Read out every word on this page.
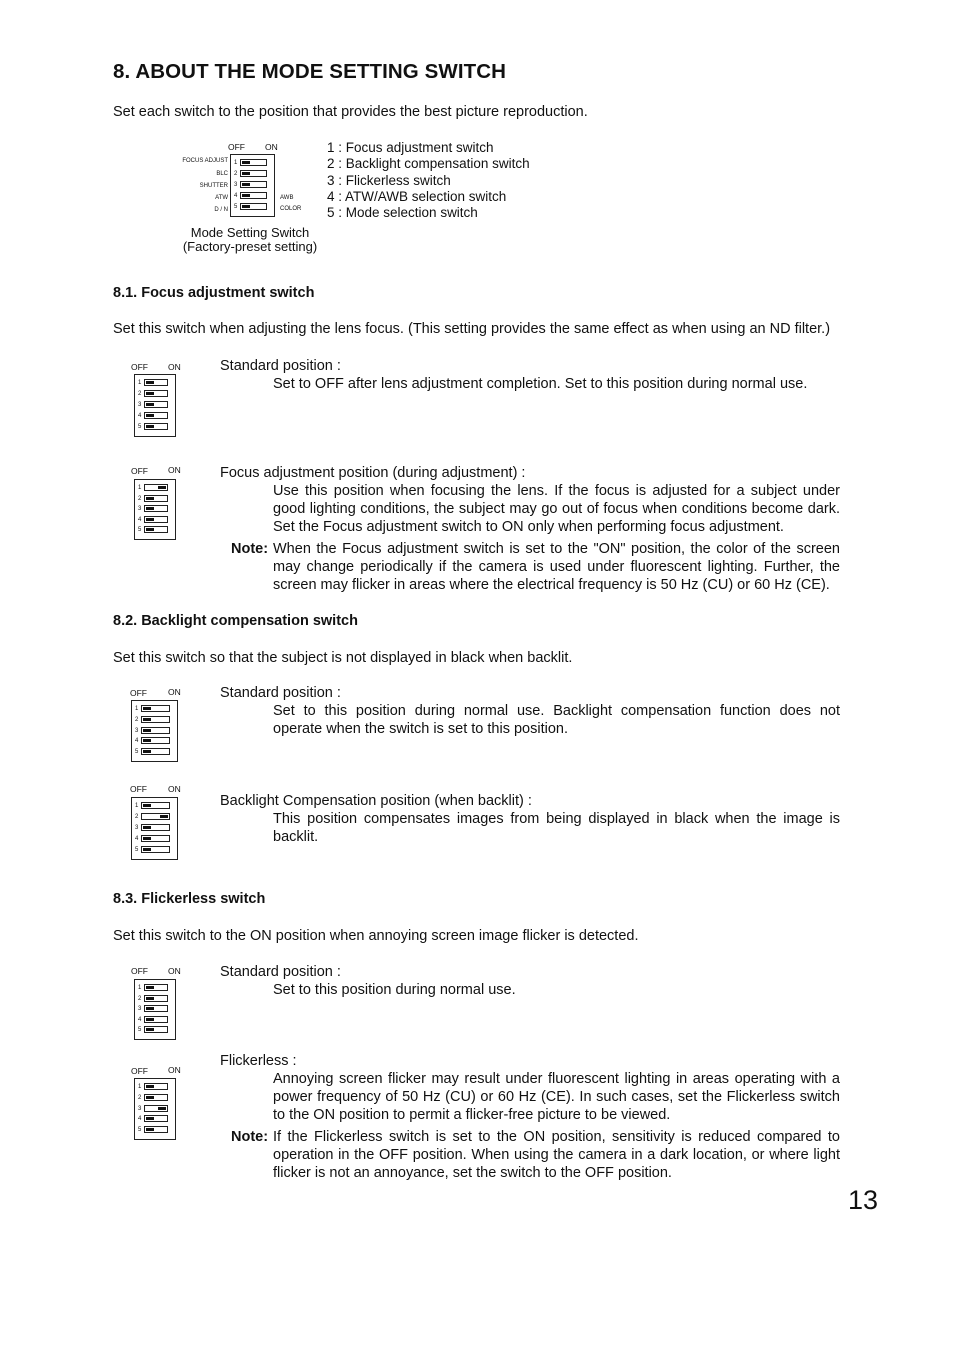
8. ABOUT THE MODE SETTING SWITCH

Set each switch to the position that provides the best picture reproduction.

OFF ON
FOCUS ADJUST
BLC
SHUTTER
ATW
D / N
1
2
3
4
5
AWB
COLOR
Mode Setting Switch
(Factory-preset setting)
1 : Focus adjustment switch
2 : Backlight compensation switch
3 : Flickerless switch
4 : ATW/AWB selection switch
5 : Mode selection switch
8.1. Focus adjustment switch

Set this switch when adjusting the lens focus. (This setting provides the same effect as when using an ND filter.)

OFF ON
1
2
3
4
5

Standard position :

Set to OFF after lens adjustment completion. Set to this position during normal use.

OFF ON
1
2
3
4
5

Focus adjustment position (during adjustment) :

Use this position when focusing the lens. If the focus is adjusted for a subject under good lighting conditions, the subject may go out of focus when conditions become dark. Set the Focus adjustment switch to ON only when performing focus adjustment.

Note: When the Focus adjustment switch is set to the "ON" position, the color of the screen may change periodically if the camera is used under fluorescent lighting. Further, the screen may flicker in areas where the electrical frequency is 50 Hz (CU) or 60 Hz (CE).

8.2. Backlight compensation switch

Set this switch so that the subject is not displayed in black when backlit.

OFF ON
1
2
3
4
5

Standard position :

Set to this position during normal use. Backlight compensation function does not operate when the switch is set to this position.

OFF ON
1
2
3
4
5

Backlight Compensation position (when backlit) :

This position compensates images from being displayed in black when the image is backlit.

8.3. Flickerless switch

Set this switch to the ON position when annoying screen image flicker is detected.

OFF ON
1
2
3
4
5

Standard position :

Set to this position during normal use.

OFF ON
1
2
3
4
5

Flickerless :

Annoying screen flicker may result under fluorescent lighting in areas operating with a power frequency of 50 Hz (CU) or 60 Hz (CE). In such cases, set the Flickerless switch to the ON position to permit a flicker-free picture to be viewed.

Note: If the Flickerless switch is set to the ON position, sensitivity is reduced compared to operation in the OFF position. When using the camera in a dark location, or where light flicker is not an annoyance, set the switch to the OFF position.

13
